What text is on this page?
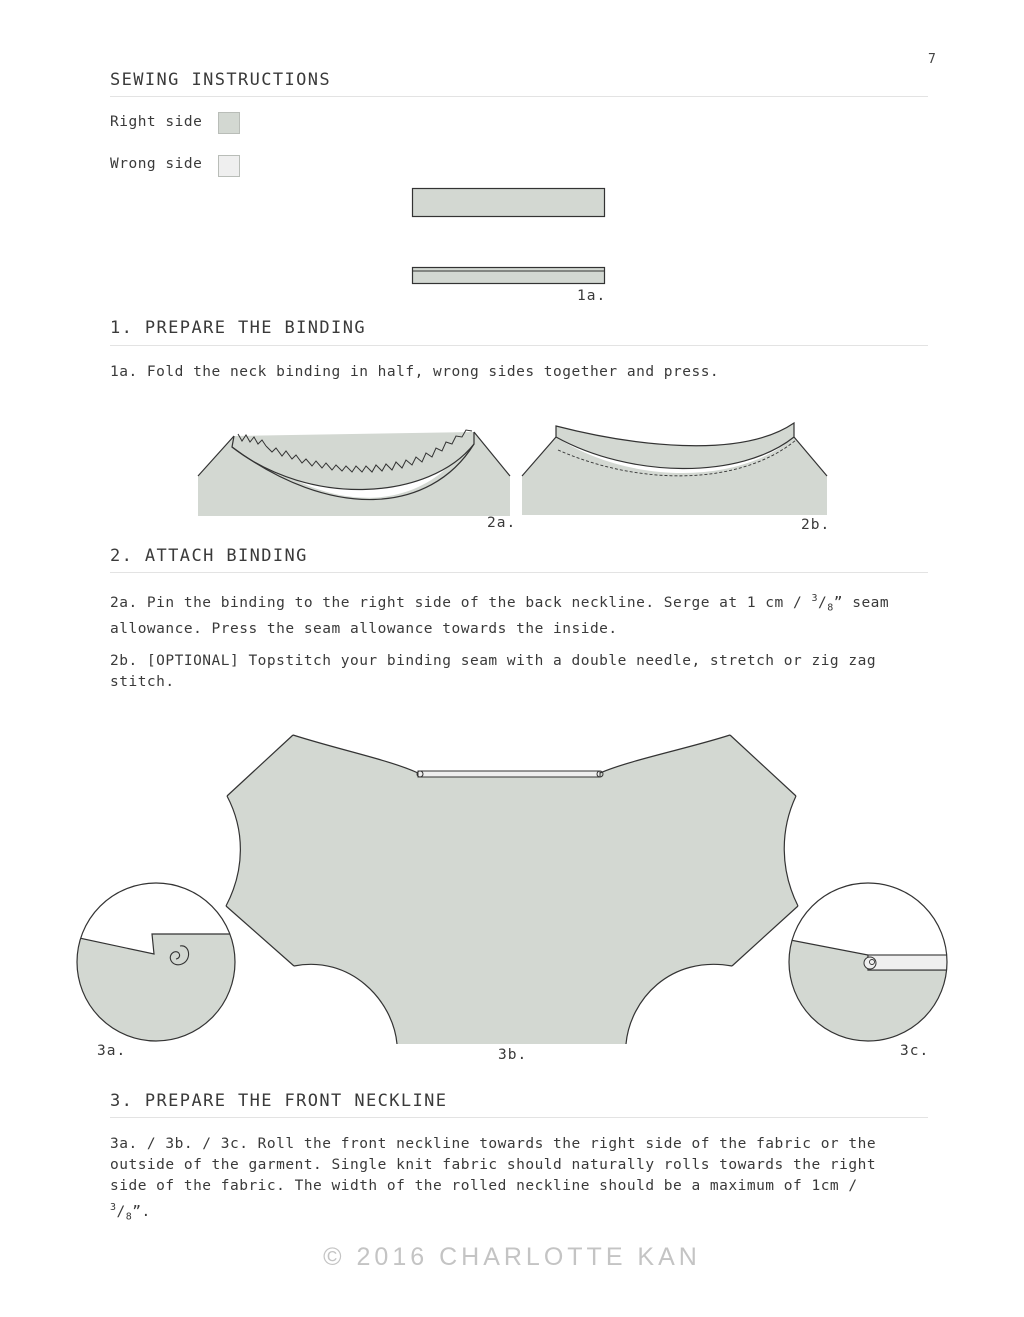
7
SEWING INSTRUCTIONS
Right side
Wrong side
1a.
1. PREPARE THE BINDING
1a. Fold the neck binding in half, wrong sides together and press.
2a.	2b.
2. ATTACH BINDING
2a. Pin the binding to the right side of the back neckline. Serge at 1 cm / $^3/_8$” seam
allowance. Press the seam allowance towards the inside.
2b. [OPTIONAL] Topstitch your binding seam with a double needle, stretch or zig zag
stitch.
3a.	3b.	3c.
3. PREPARE THE FRONT NECKLINE
3a. / 3b. / 3c. Roll the front neckline towards the right side of the fabric or the
outside of the garment. Single knit fabric should naturally rolls towards the right
side of the fabric. The width of the rolled neckline should be a maximum of 1cm /
$^3/_8$”.
© 2016 CHARLOTTE KAN
